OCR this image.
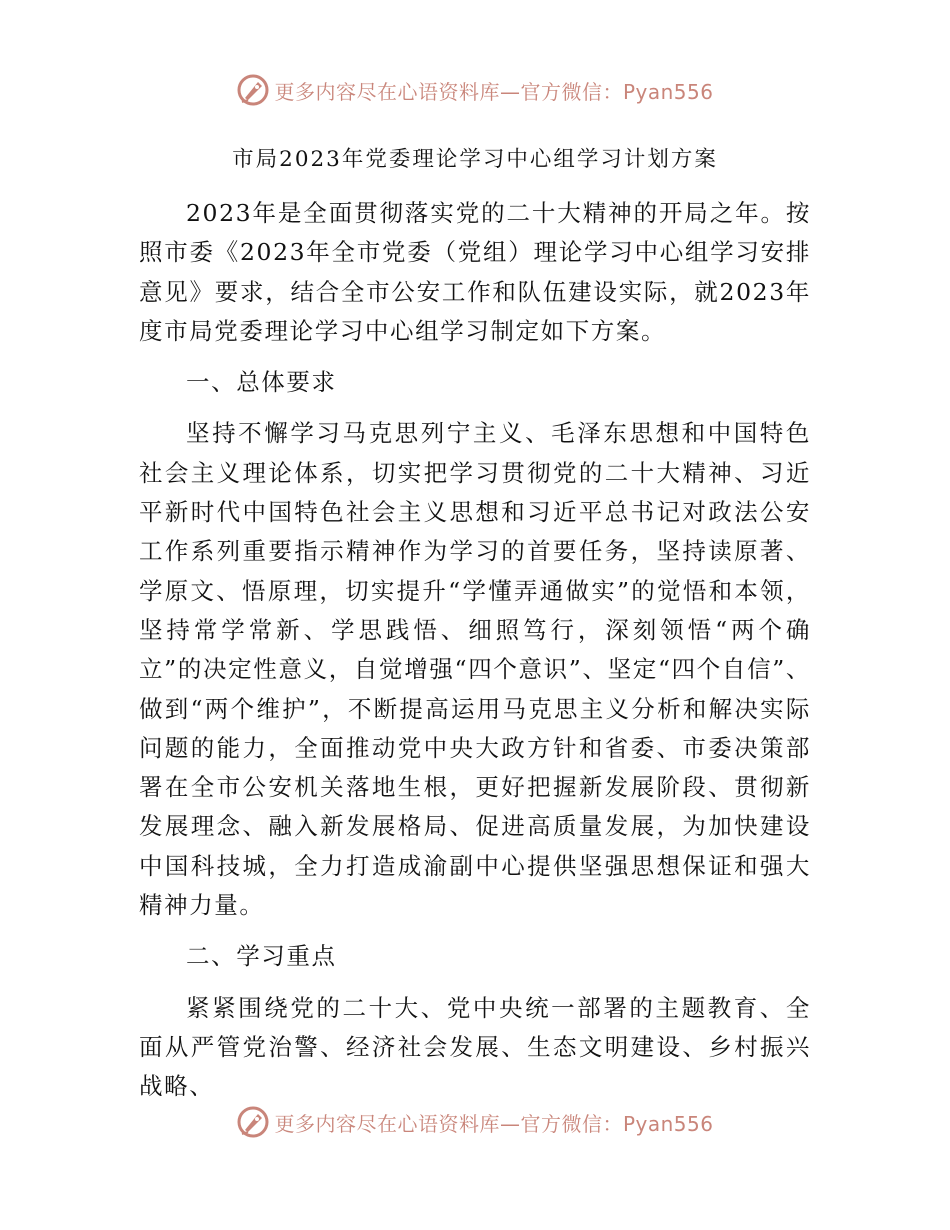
更多内容尽在心语资料库—官方微信：Pyan556
市局2023年党委理论学习中心组学习计划方案

2023年是全面贯彻落实党的二十大精神的开局之年。按照市委《2023年全市党委（党组）理论学习中心组学习安排意见》要求，结合全市公安工作和队伍建设实际，就2023年度市局党委理论学习中心组学习制定如下方案。

一、总体要求

坚持不懈学习马克思列宁主义、毛泽东思想和中国特色社会主义理论体系，切实把学习贯彻党的二十大精神、习近平新时代中国特色社会主义思想和习近平总书记对政法公安工作系列重要指示精神作为学习的首要任务，坚持读原著、学原文、悟原理，切实提升“学懂弄通做实”的觉悟和本领，坚持常学常新、学思践悟、细照笃行，深刻领悟“两个确立”的决定性意义，自觉增强“四个意识”、坚定“四个自信”、做到“两个维护”，不断提高运用马克思主义分析和解决实际问题的能力，全面推动党中央大政方针和省委、市委决策部署在全市公安机关落地生根，更好把握新发展阶段、贯彻新发展理念、融入新发展格局、促进高质量发展，为加快建设中国科技城，全力打造成渝副中心提供坚强思想保证和强大精神力量。

二、学习重点

紧紧围绕党的二十大、党中央统一部署的主题教育、全面从严管党治警、经济社会发展、生态文明建设、乡村振兴战略、

更多内容尽在心语资料库—官方微信：Pyan556
